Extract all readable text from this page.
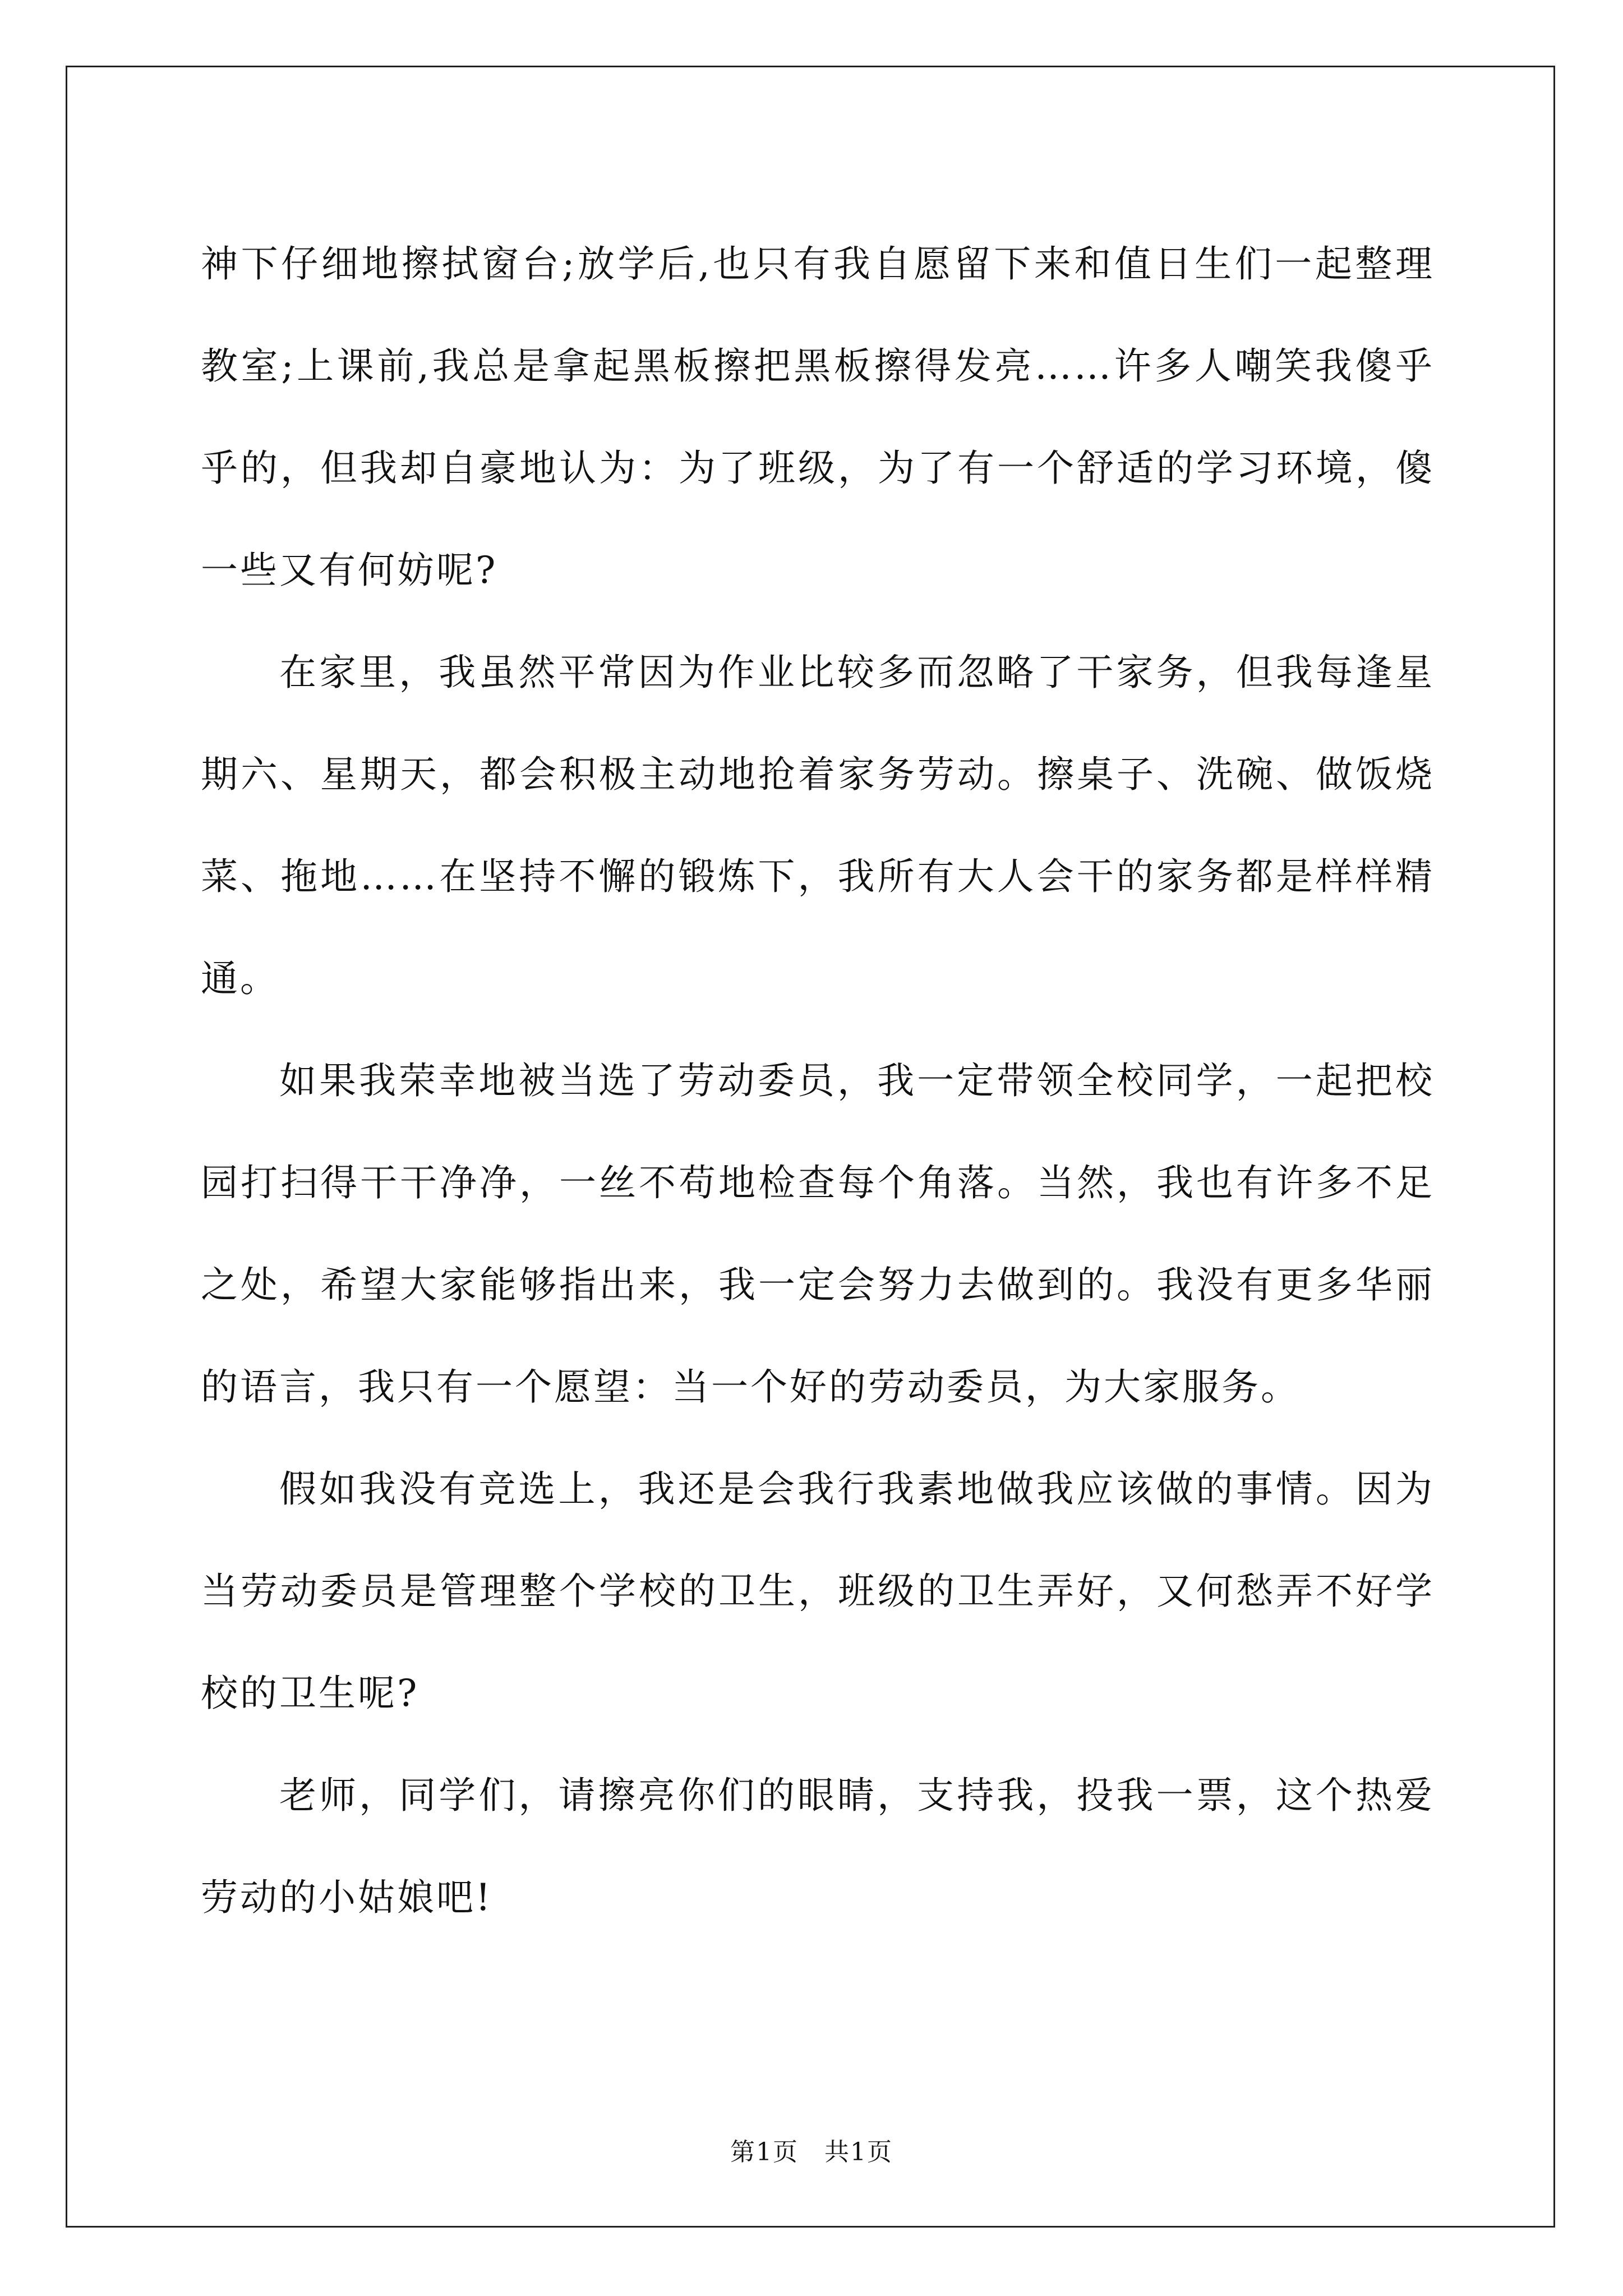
神下仔细地擦拭窗台;放学后,也只有我自愿留下来和值日生们一起整理教室;上课前,我总是拿起黑板擦把黑板擦得发亮……许多人嘲笑我傻乎乎的，但我却自豪地认为：为了班级，为了有一个舒适的学习环境，傻一些又有何妨呢?

在家里，我虽然平常因为作业比较多而忽略了干家务，但我每逢星期六、星期天，都会积极主动地抢着家务劳动。擦桌子、洗碗、做饭烧菜、拖地……在坚持不懈的锻炼下，我所有大人会干的家务都是样样精通。

如果我荣幸地被当选了劳动委员，我一定带领全校同学，一起把校园打扫得干干净净，一丝不苟地检查每个角落。当然，我也有许多不足之处，希望大家能够指出来，我一定会努力去做到的。我没有更多华丽的语言，我只有一个愿望：当一个好的劳动委员，为大家服务。

假如我没有竞选上，我还是会我行我素地做我应该做的事情。因为当劳动委员是管理整个学校的卫生，班级的卫生弄好，又何愁弄不好学校的卫生呢?

老师，同学们，请擦亮你们的眼睛，支持我，投我一票，这个热爱劳动的小姑娘吧!

第1页　共1页
